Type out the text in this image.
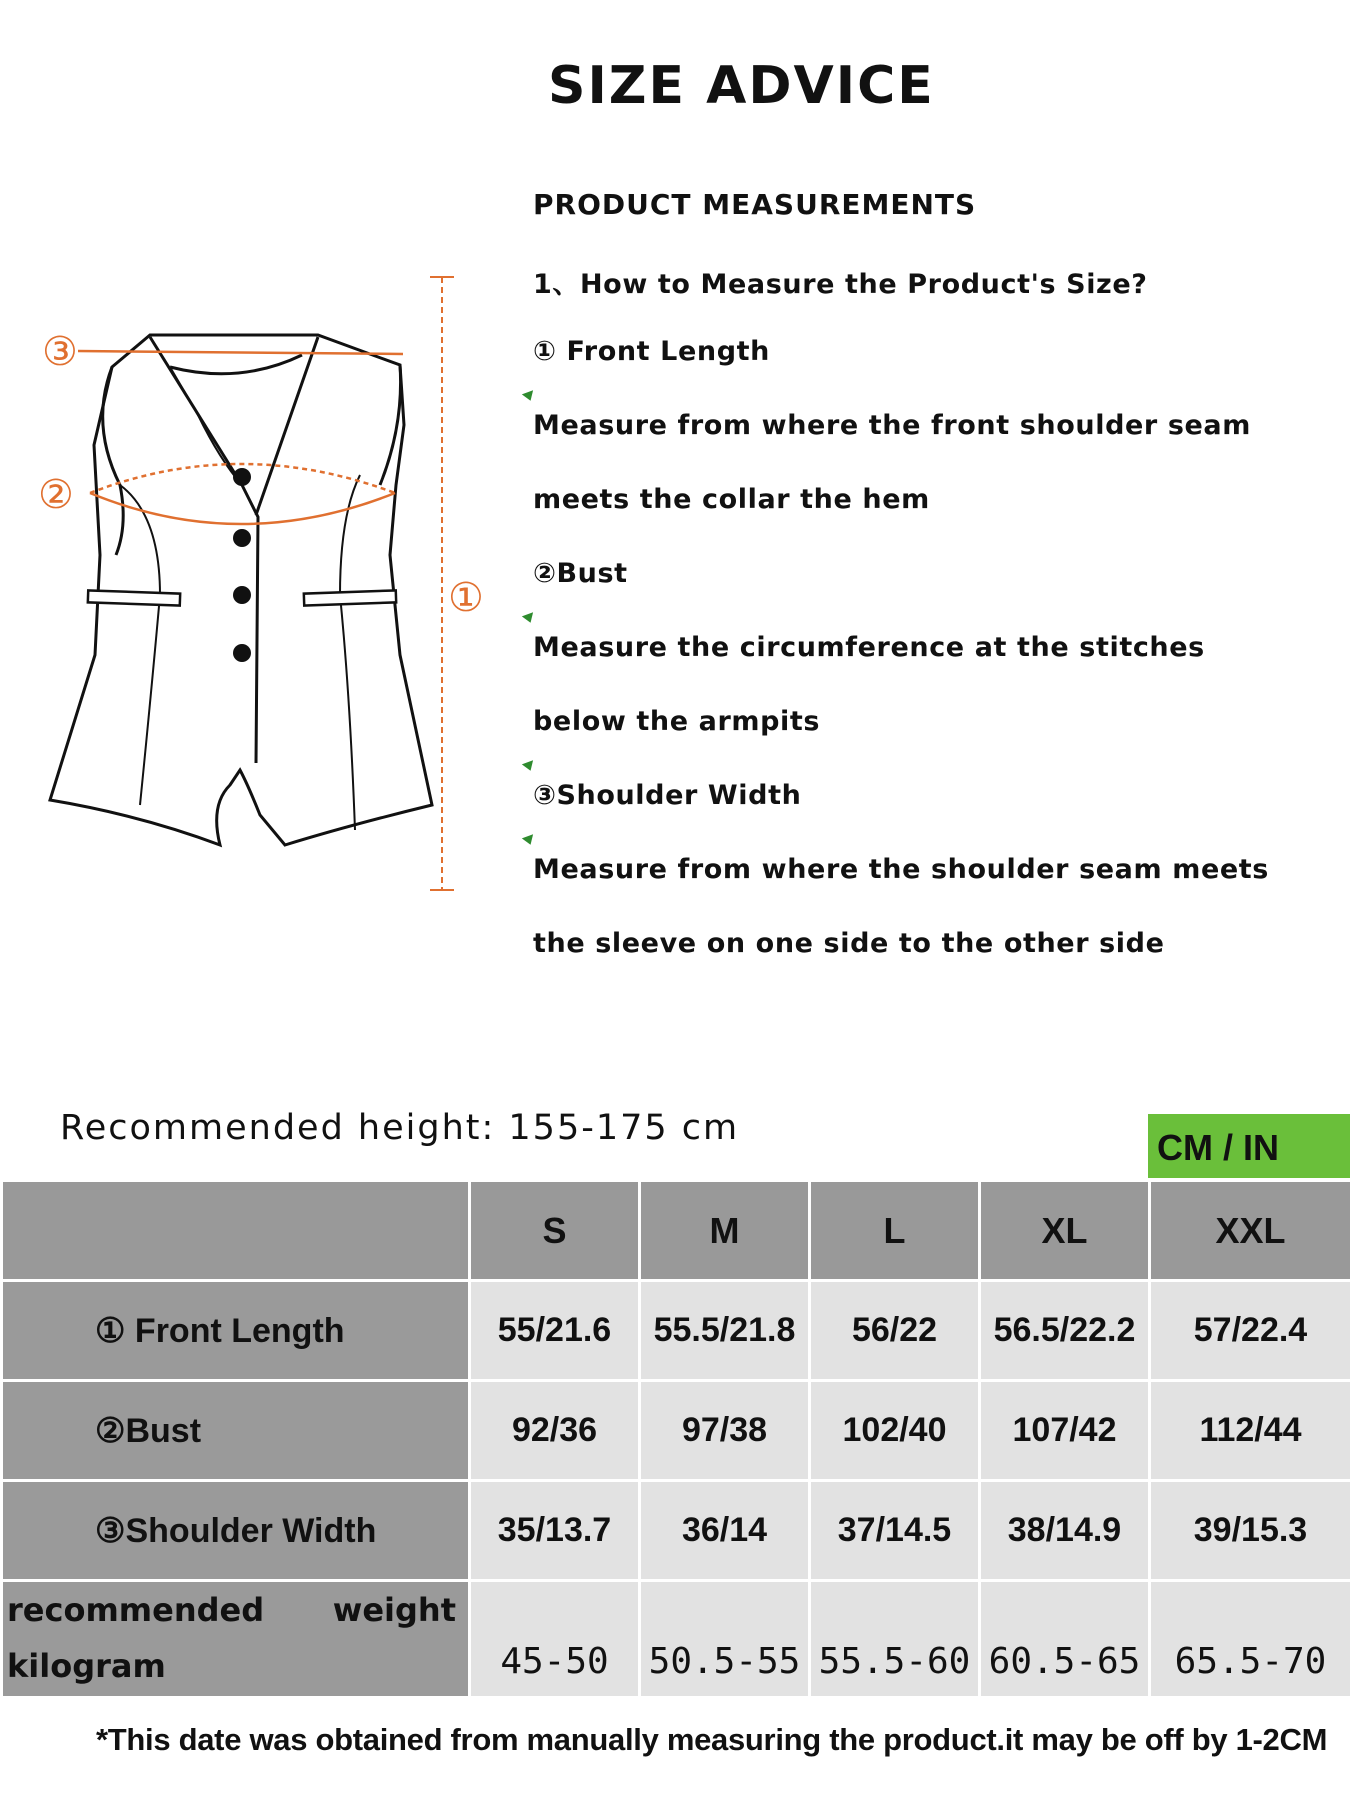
SIZE ADVICE
PRODUCT MEASUREMENTS
③
②
①
1、How to Measure the Product's Size?
① Front Length
Measure from where the front shoulder seam
meets the collar the hem
②Bust
Measure the circumference at the stitches
below the armpits
③Shoulder Width
Measure from where the shoulder seam meets
the sleeve on one side to the other side
Recommended height: 155-175 cm	CM / IN
	S	M	L	XL	XXL
① Front Length	55/21.6	55.5/21.8	56/22	56.5/22.2	57/22.4
②Bust	92/36	97/38	102/40	107/42	112/44
③Shoulder Width	35/13.7	36/14	37/14.5	38/14.9	39/15.3

recommended weight
kilogram	45-50	50.5-55	55.5-60	60.5-65	65.5-70
*This date was obtained from manually measuring the product.it may be off by 1-2CM
